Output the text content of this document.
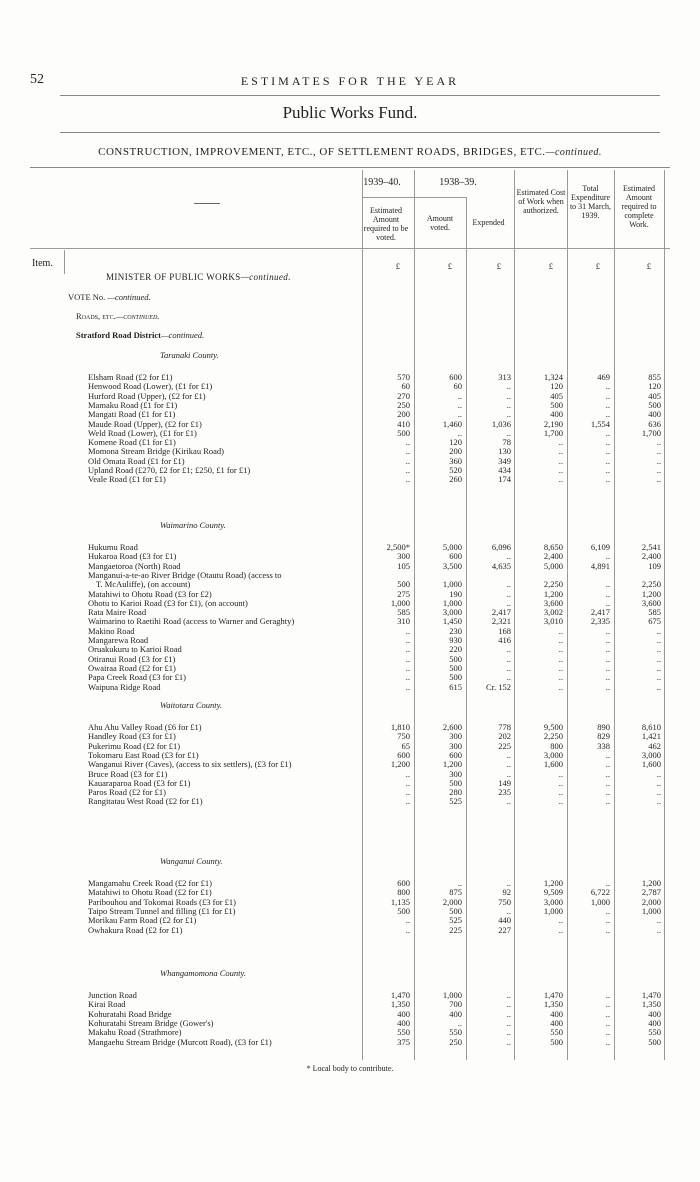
52	ESTIMATES FOR THE YEAR
Public Works Fund.
CONSTRUCTION, IMPROVEMENT, ETC., OF SETTLEMENT ROADS, BRIDGES, ETC.—continued.
1939–40.	1938–39.
Estimated Amount required to be voted.
Amount voted.
Expended
Estimated Cost of Work when authorized.
Total Expenditure to 31 March, 1939.
Estimated Amount required to complete Work.
Item.	£	£	£	£	£	£
MINISTER OF PUBLIC WORKS—continued.
VOTE No. —continued.
Roads, etc.—continued.
Stratford Road District—continued.
Taranaki County.
Elsham Road (£2 for £1)	570	600	313	1,324	469	855
Henwood Road (Lower), (£1 for £1)	60	60	..	120	..	120
Hurford Road (Upper), (£2 for £1)	270	..	..	405	..	405
Mamaku Road (£1 for £1)	250	..	..	500	..	500
Mangati Road (£1 for £1)	200	..	..	400	..	400
Maude Road (Upper), (£2 for £1)	410	1,460	1,036	2,190	1,554	636
Weld Road (Lower), (£1 for £1)	500	..	..	1,700	..	1,700
Komene Road (£1 for £1)	..	120	78	..	..	..
Momona Stream Bridge (Kirikau Road)	..	200	130	..	..	..
Old Omata Road (£1 for £1)	..	360	349	..	..	..
Upland Road (£270, £2 for £1; £250, £1 for £1)	..	520	434	..	..	..
Veale Road (£1 for £1)	..	260	174	..	..	..
Waimarino County.
Hukumu Road	2,500*	5,000	6,096	8,650	6,109	2,541
Hukaroa Road (£3 for £1)	300	600	..	2,400	..	2,400
Mangaetoroa (North) Road	105	3,500	4,635	5,000	4,891	109
Manganui-a-te-ao River Bridge (Otautu Road) (access to
T. McAuliffe), (on account)	500	1,000	..	2,250	..	2,250
Matahiwi to Ohotu Road (£3 for £2)	275	190	..	1,200	..	1,200
Ohotu to Karioi Road (£3 for £1), (on account)	1,000	1,000	..	3,600	..	3,600
Rata Maire Road	585	3,000	2,417	3,002	2,417	585
Waimarino to Raetihi Road (access to Warner and Geraghty)	310	1,450	2,321	3,010	2,335	675
Makino Road	..	230	168	..	..	..
Mangarewa Road	..	930	416	..	..	..
Oruakukuru to Karioi Road	..	220	..	..	..	..
Otiranui Road (£3 for £1)	..	500	..	..	..	..
Owairaa Road (£2 for £1)	..	500	..	..	..	..
Papa Creek Road (£3 for £1)	..	500	..	..	..	..
Waipuna Ridge Road	..	615	Cr. 152	..	..	..
Waitotara County.
Ahu Ahu Valley Road (£6 for £1)	1,810	2,600	778	9,500	890	8,610
Handley Road (£3 for £1)	750	300	202	2,250	829	1,421
Pukerimu Road (£2 for £1)	65	300	225	800	338	462
Tokomaru East Road (£3 for £1)	600	600	..	3,000	..	3,000
Wanganui River (Caves), (access to six settlers), (£3 for £1)	1,200	1,200	..	1,600	..	1,600
Bruce Road (£3 for £1)	..	300	..	..	..	..
Kauaraparoa Road (£3 for £1)	..	500	149	..	..	..
Paros Road (£2 for £1)	..	280	235	..	..	..
Rangitatau West Road (£2 for £1)	..	525	..	..	..	..
Wanganui County.
Mangamahu Creek Road (£2 for £1)	600	..	..	1,200	..	1,200
Matahiwi to Ohotu Road (£2 for £1)	800	875	92	9,509	6,722	2,787
Paribouhou and Tokomai Roads (£3 for £1)	1,135	2,000	750	3,000	1,000	2,000
Taipo Stream Tunnel and filling (£1 for £1)	500	500	..	1,000	..	1,000
Morikau Farm Road (£2 for £1)	..	525	440	..	..	..
Owhakura Road (£2 for £1)	..	225	227	..	..	..
Whangamomona County.
Junction Road	1,470	1,000	..	1,470	..	1,470
Kirai Road	1,350	700	..	1,350	..	1,350
Kohuratahi Road Bridge	400	400	..	400	..	400
Kohuratahi Stream Bridge (Gower's)	400	..	..	400	..	400
Makahu Road (Strathmore)	550	550	..	550	..	550
Mangaehu Stream Bridge (Murcott Road), (£3 for £1)	375	250	..	500	..	500
* Local body to contribute.
